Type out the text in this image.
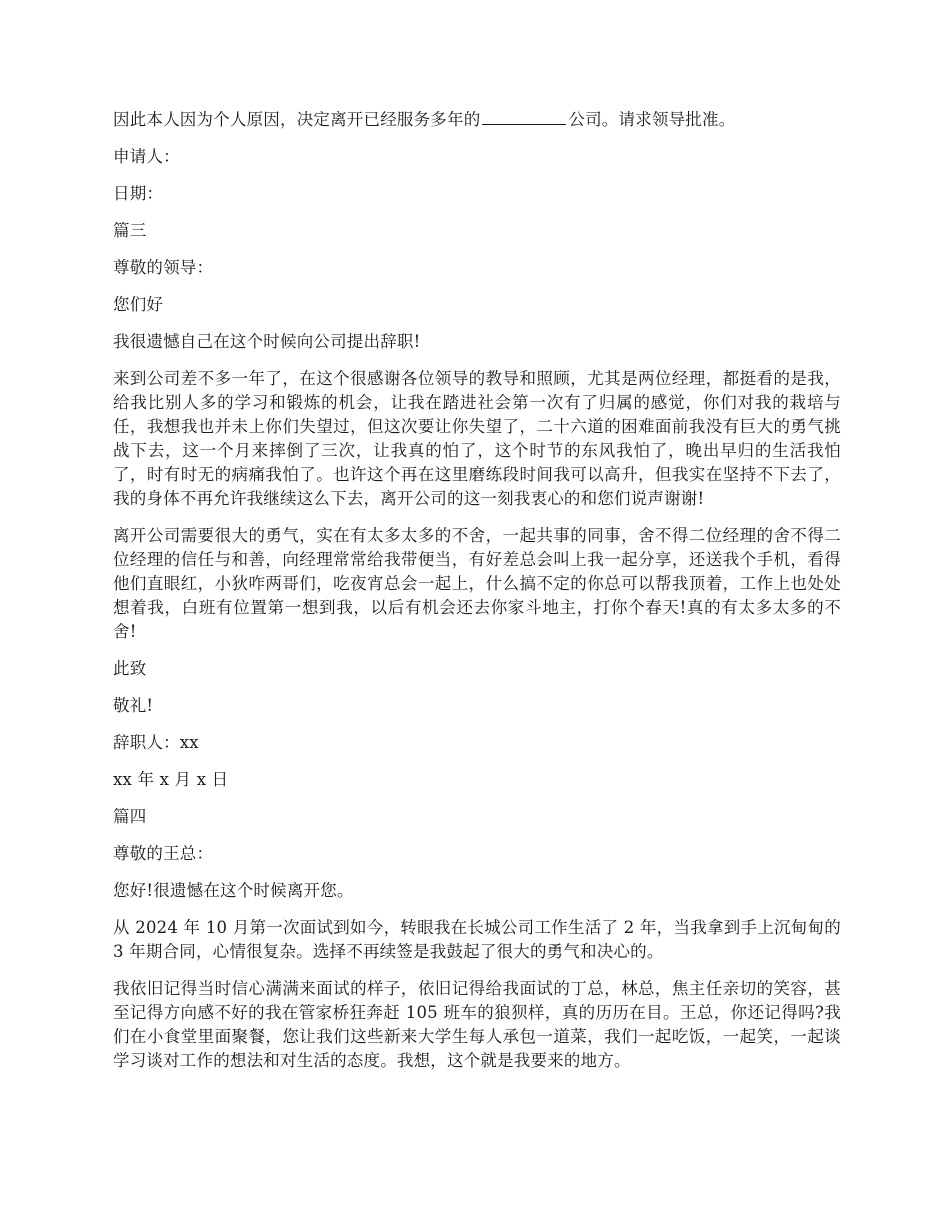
因此本人因为个人原因，决定离开已经服务多年的	公司。请求领导批准。

申请人：

日期：

篇三

尊敬的领导：

您们好

我很遗憾自己在这个时候向公司提出辞职!

来到公司差不多一年了，在这个很感谢各位领导的教导和照顾，尤其是两位经理，都挺看的是我，给我比别人多的学习和锻炼的机会，让我在踏进社会第一次有了归属的感觉，你们对我的栽培与任，我想我也并未上你们失望过，但这次要让你失望了，二十六道的困难面前我没有巨大的勇气挑战下去，这一个月来摔倒了三次，让我真的怕了，这个时节的东风我怕了，晚出早归的生活我怕了，时有时无的病痛我怕了。也许这个再在这里磨练段时间我可以高升，但我实在坚持不下去了，我的身体不再允许我继续这么下去，离开公司的这一刻我衷心的和您们说声谢谢!

离开公司需要很大的勇气，实在有太多太多的不舍，一起共事的同事，舍不得二位经理的舍不得二位经理的信任与和善，向经理常常给我带便当，有好差总会叫上我一起分享，还送我个手机，看得他们直眼红，小狄咋两哥们，吃夜宵总会一起上，什么搞不定的你总可以帮我顶着，工作上也处处想着我，白班有位置第一想到我，以后有机会还去你家斗地主，打你个春天!真的有太多太多的不舍!

此致

敬礼!

辞职人：xx

xx 年 x 月 x 日

篇四

尊敬的王总：

您好!很遗憾在这个时候离开您。

从 2024 年 10 月第一次面试到如今，转眼我在长城公司工作生活了 2 年，当我拿到手上沉甸甸的 3 年期合同，心情很复杂。选择不再续签是我鼓起了很大的勇气和决心的。

我依旧记得当时信心满满来面试的样子，依旧记得给我面试的丁总，林总，焦主任亲切的笑容，甚至记得方向感不好的我在管家桥狂奔赶 105 班车的狼狈样，真的历历在目。王总，你还记得吗?我们在小食堂里面聚餐，您让我们这些新来大学生每人承包一道菜，我们一起吃饭，一起笑，一起谈学习谈对工作的想法和对生活的态度。我想，这个就是我要来的地方。
